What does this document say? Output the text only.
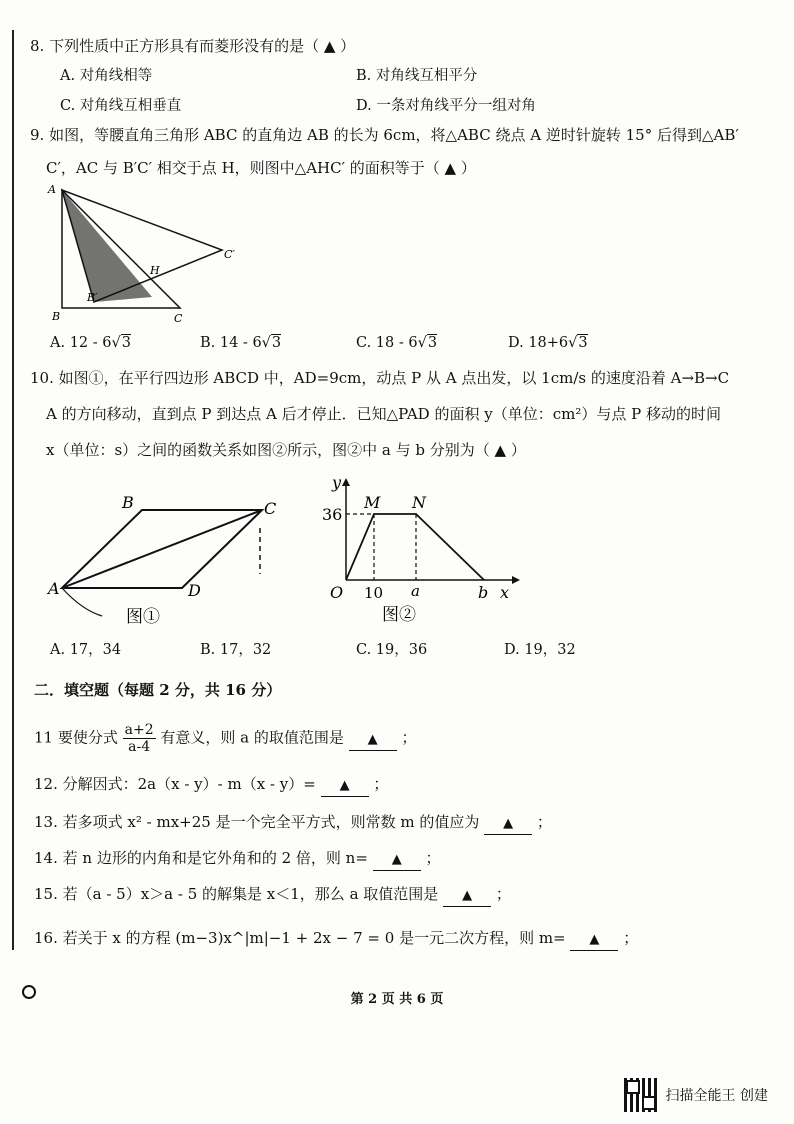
8. 下列性质中正方形具有而菱形没有的是（ ▲ ）
A. 对角线相等	B. 对角线互相平分
C. 对角线互相垂直	D. 一条对角线平分一组对角
9. 如图，等腰直角三角形 ABC 的直角边 AB 的长为 6cm，将△ABC 绕点 A 逆时针旋转 15° 后得到△AB′
C′，AC 与 B′C′ 相交于点 H，则图中△AHC′ 的面积等于（ ▲ ）
A
B	C
B′
C′
H
A. 12 - 6√3	B. 14 - 6√3	C. 18 - 6√3	D. 18+6√3
10. 如图①，在平行四边形 ABCD 中，AD=9cm，动点 P 从 A 点出发，以 1cm/s 的速度沿着 A→B→C
A 的方向移动，直到点 P 到达点 A 后才停止．已知△PAD 的面积 y（单位：cm²）与点 P 移动的时间
x（单位：s）之间的函数关系如图②所示，图②中 a 与 b 分别为（ ▲ ）
A
B	C
D
图①
y
x
O
M N
36
10 a	b
图②
A. 17，34	B. 17，32	C. 19，36	D. 19，32
二．填空题（每题 2 分，共 16 分）
11 要使分式 $\frac{a+2}{a-4}$ 有意义，则 a 的取值范围是 ▲ ；
12. 分解因式：2a（x - y）- m（x - y）= ▲ ；
13. 若多项式 x² - mx+25 是一个完全平方式，则常数 m 的值应为 ▲ ；
14. 若 n 边形的内角和是它外角和的 2 倍，则 n= ▲ ；
15. 若（a - 5）x＞a - 5 的解集是 x＜1，那么 a 取值范围是 ▲ ；
16. 若关于 x 的方程 (m−3)x^|m|−1 + 2x − 7 = 0 是一元二次方程，则 m= ▲ ；
第 2 页 共 6 页
扫描全能王 创建
